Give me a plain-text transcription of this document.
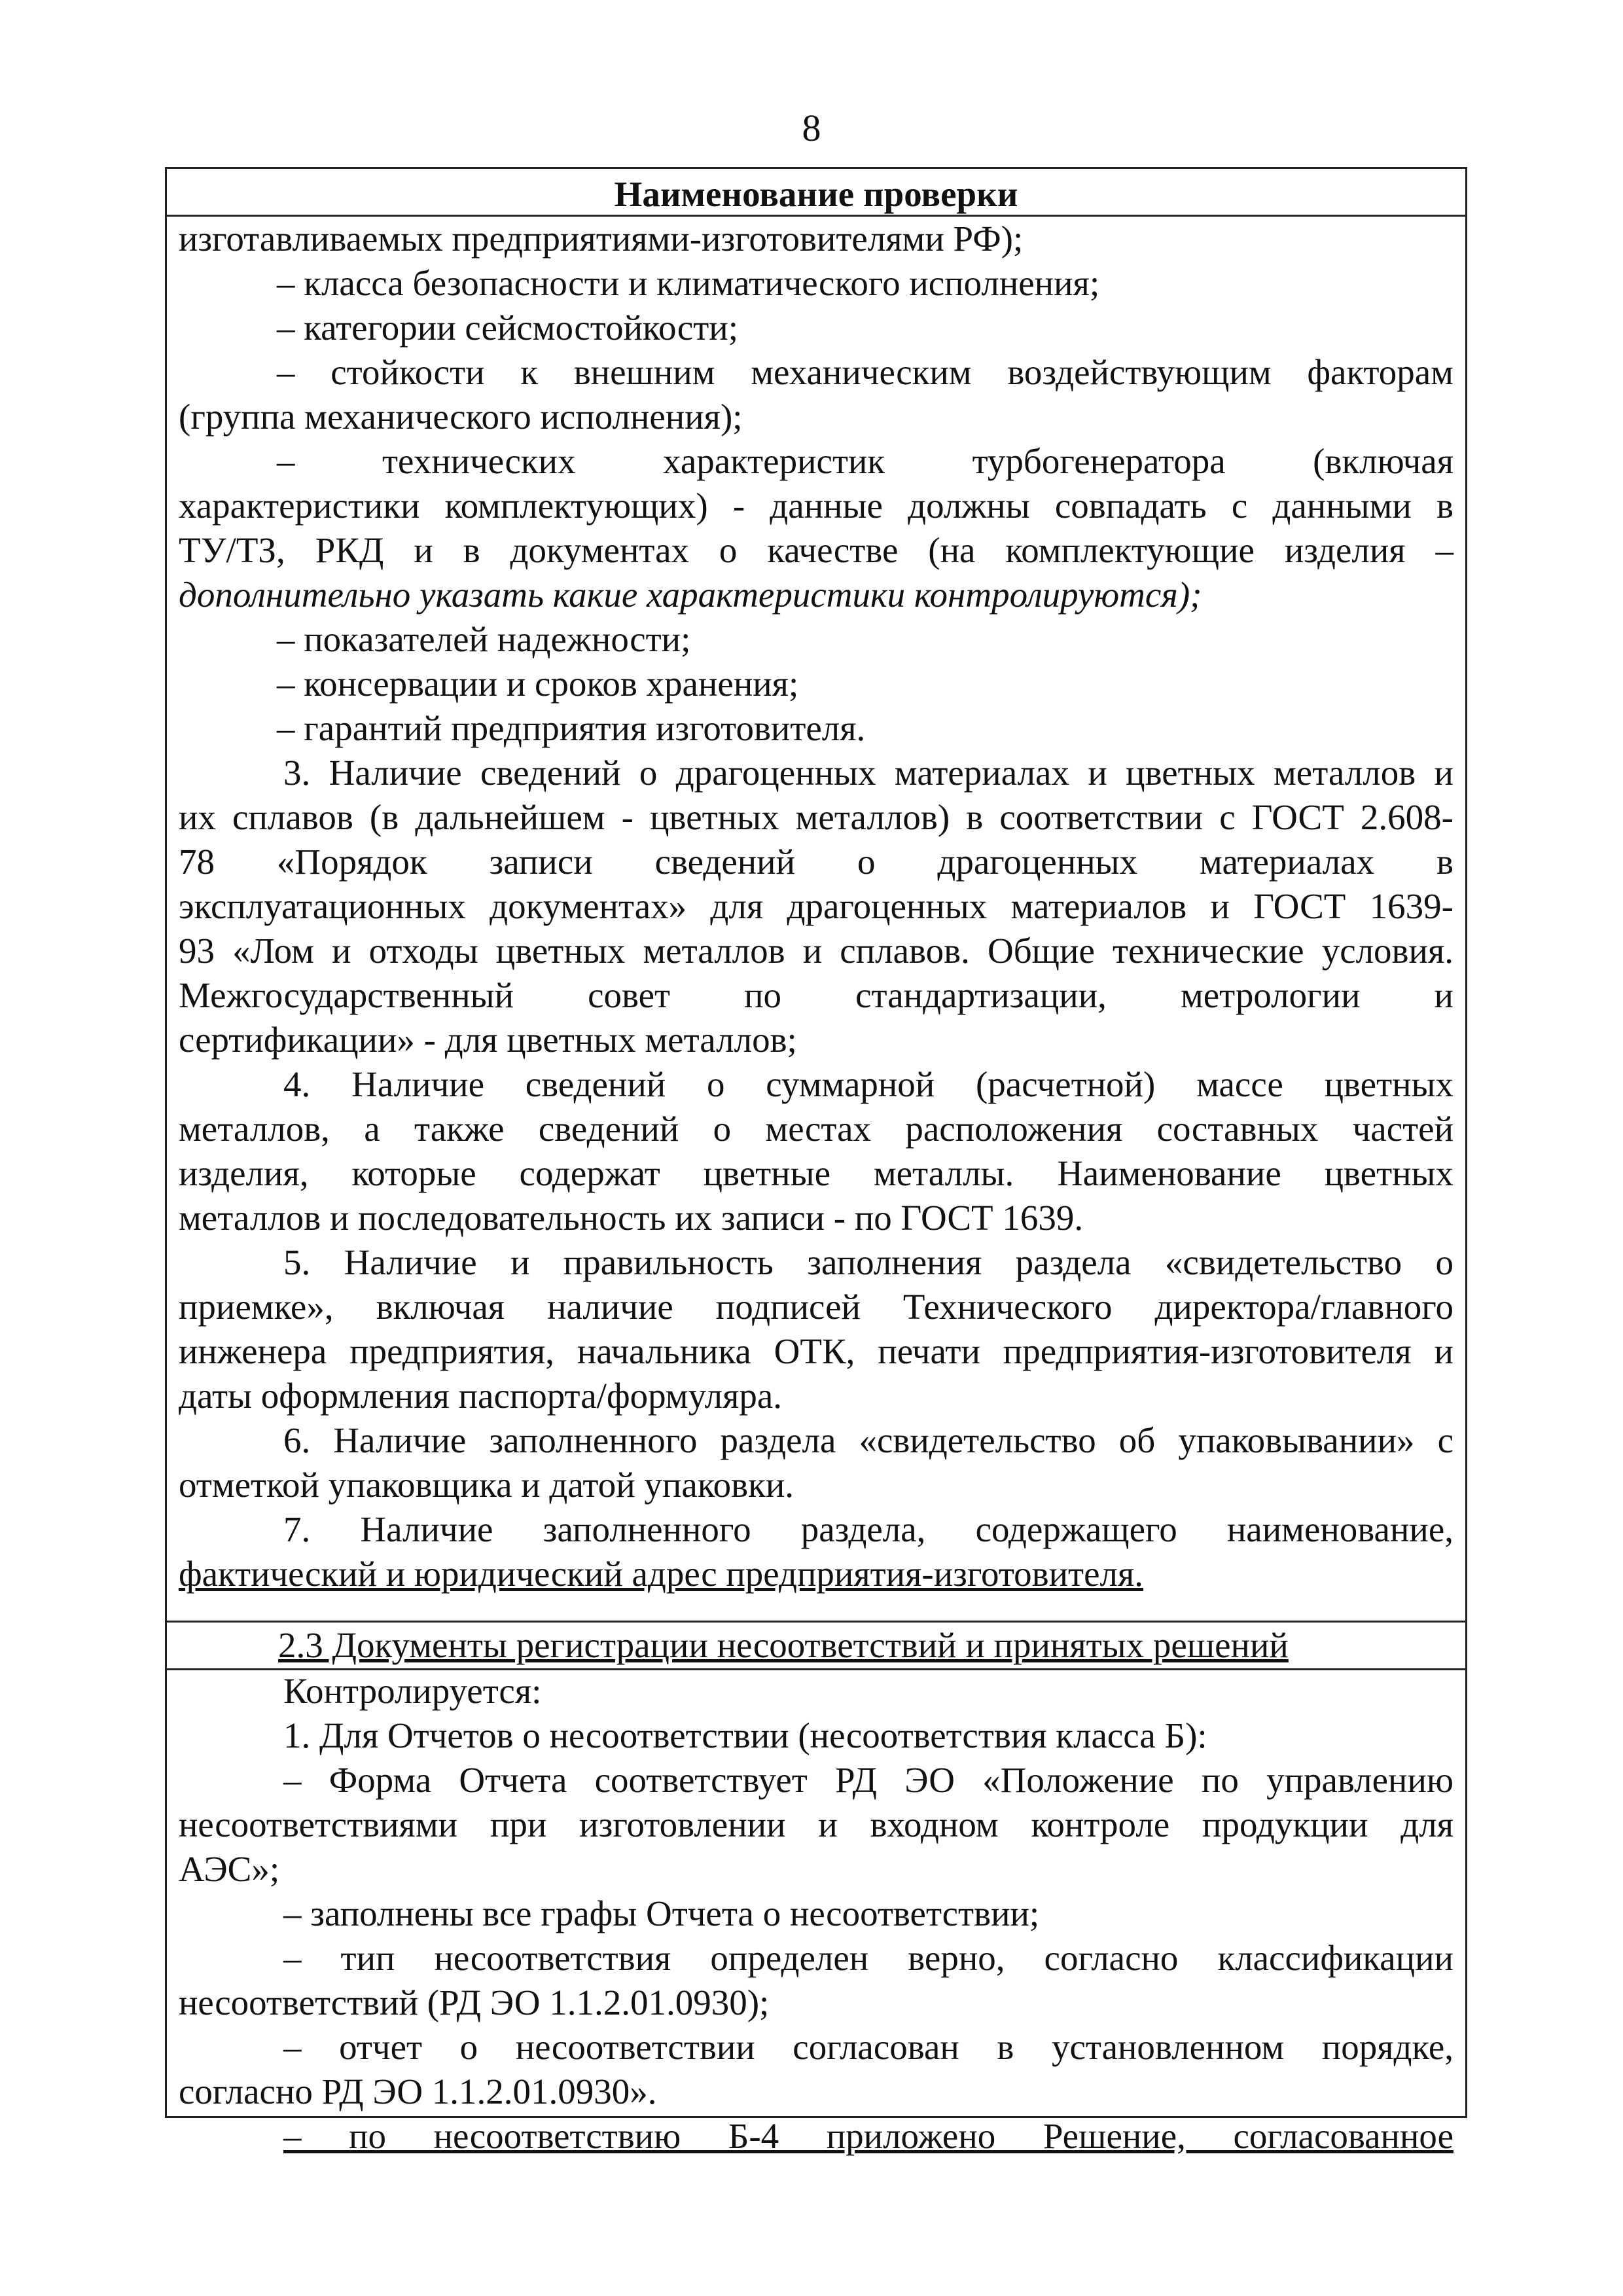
8
Наименование проверки
изготавливаемых предприятиями-изготовителями РФ);
– класса безопасности и климатического исполнения;
– категории сейсмостойкости;
– стойкости к внешним механическим воздействующим факторам
(группа механического исполнения);
– технических характеристик турбогенератора (включая
характеристики комплектующих) - данные должны совпадать с данными в
ТУ/ТЗ, РКД и в документах о качестве (на комплектующие изделия –
дополнительно указать какие характеристики контролируются);
– показателей надежности;
– консервации и сроков хранения;
– гарантий предприятия изготовителя.
3. Наличие сведений о драгоценных материалах и цветных металлов и
их сплавов (в дальнейшем - цветных металлов) в соответствии с ГОСТ 2.608-
78 «Порядок записи сведений о драгоценных материалах в
эксплуатационных документах» для драгоценных материалов и ГОСТ 1639-
93 «Лом и отходы цветных металлов и сплавов. Общие технические условия.
Межгосударственный совет по стандартизации, метрологии и
сертификации» - для цветных металлов;
4. Наличие сведений о суммарной (расчетной) массе цветных
металлов, а также сведений о местах расположения составных частей
изделия, которые содержат цветные металлы. Наименование цветных
металлов и последовательность их записи - по ГОСТ 1639.
5. Наличие и правильность заполнения раздела «свидетельство о
приемке», включая наличие подписей Технического директора/главного
инженера предприятия, начальника ОТК, печати предприятия-изготовителя и
даты оформления паспорта/формуляра.
6. Наличие заполненного раздела «свидетельство об упаковывании» с
отметкой упаковщика и датой упаковки.
7. Наличие заполненного раздела, содержащего наименование,
фактический и юридический адрес предприятия-изготовителя.
2.3 Документы регистрации несоответствий и принятых решений
Контролируется:
1. Для Отчетов о несоответствии (несоответствия класса Б):
– Форма Отчета соответствует РД ЭО «Положение по управлению
несоответствиями при изготовлении и входном контроле продукции для
АЭС»;
– заполнены все графы Отчета о несоответствии;
– тип несоответствия определен верно, согласно классификации
несоответствий (РД ЭО 1.1.2.01.0930);
– отчет о несоответствии согласован в установленном порядке,
согласно РД ЭО 1.1.2.01.0930».
– по несоответствию Б-4 приложено Решение, согласованное
